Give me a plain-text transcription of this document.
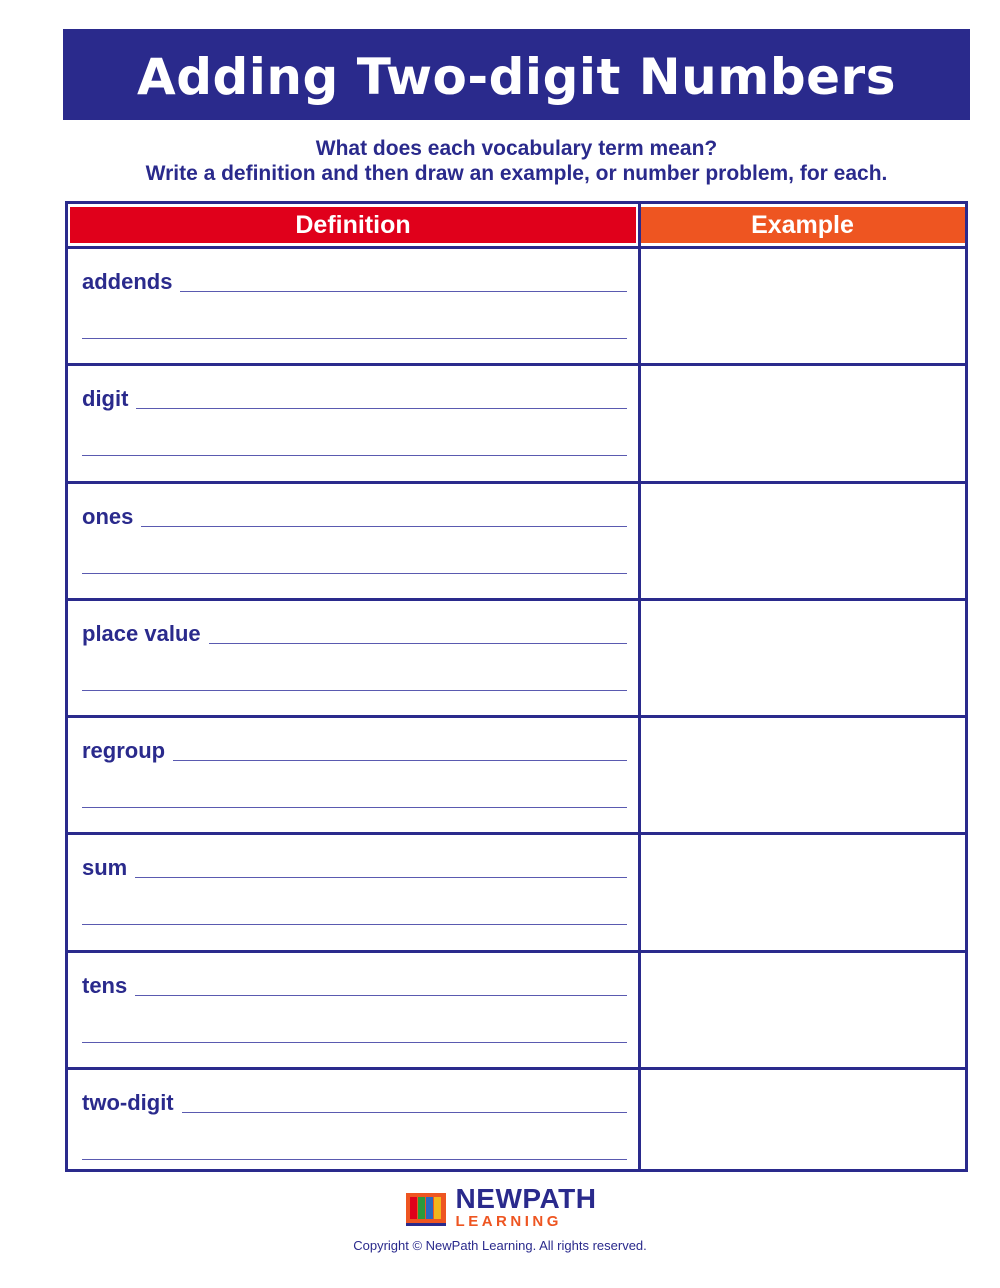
Adding Two-digit Numbers
What does each vocabulary term mean?
Write a definition and then draw an example, or number problem, for each.
Definition	Example
addends
digit
ones
place value
regroup
sum
tens
two-digit
NEWPATH
LEARNING
Copyright © NewPath Learning. All rights reserved.
